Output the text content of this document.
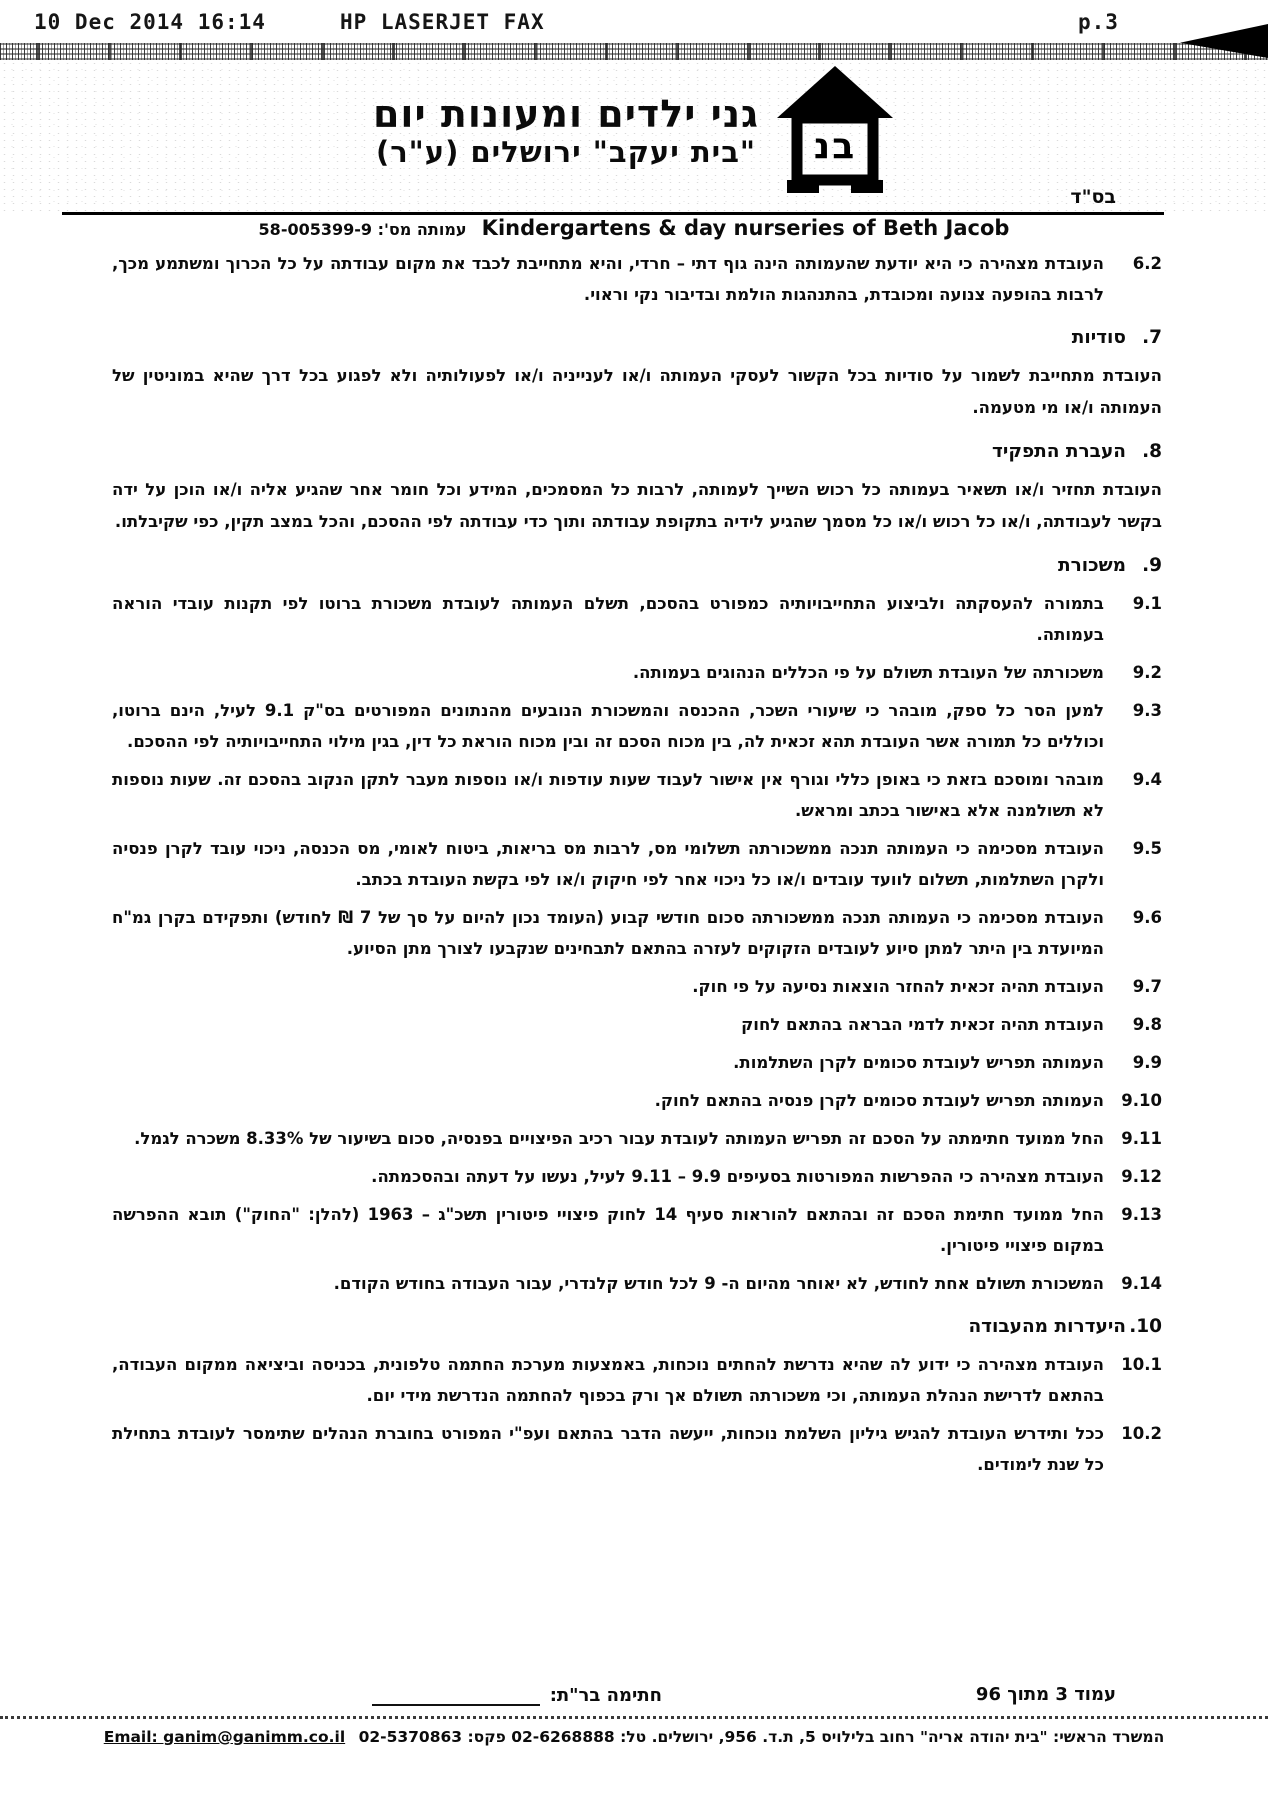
10 Dec 2014 16:14	HP LASERJET FAX	p.3
גני ילדים ומעונות יום
"בית יעקב" ירושלים (ע"ר)	בנ
בס"ד
Kindergartens & day nurseries of Beth Jacob עמותה מס': 58-005399-9
6.2
העובדת מצהירה כי היא יודעת שהעמותה הינה גוף דתי – חרדי, והיא מתחייבת לכבד את מקום עבודתה על כל הכרוך ומשתמע מכך, לרבות בהופעה צנועה ומכובדת, בהתנהגות הולמת ובדיבור נקי וראוי.
7.
סודיות
העובדת מתחייבת לשמור על סודיות בכל הקשור לעסקי העמותה ו/או לענייניה ו/או לפעולותיה ולא לפגוע בכל דרך שהיא במוניטין של העמותה ו/או מי מטעמה.
8.
העברת התפקיד
העובדת תחזיר ו/או תשאיר בעמותה כל רכוש השייך לעמותה, לרבות כל המסמכים, המידע וכל חומר אחר שהגיע אליה ו/או הוכן על ידה בקשר לעבודתה, ו/או כל רכוש ו/או כל מסמך שהגיע לידיה בתקופת עבודתה ותוך כדי עבודתה לפי ההסכם, והכל במצב תקין, כפי שקיבלתו.
9.
משכורת
9.1
בתמורה להעסקתה ולביצוע התחייבויותיה כמפורט בהסכם, תשלם העמותה לעובדת משכורת ברוטו לפי תקנות עובדי הוראה בעמותה.
9.2
משכורתה של העובדת תשולם על פי הכללים הנהוגים בעמותה.
9.3
למען הסר כל ספק, מובהר כי שיעורי השכר, ההכנסה והמשכורת הנובעים מהנתונים המפורטים בס"ק 9.1 לעיל, הינם ברוטו, וכוללים כל תמורה אשר העובדת תהא זכאית לה, בין מכוח הסכם זה ובין מכוח הוראת כל דין, בגין מילוי התחייבויותיה לפי ההסכם.
9.4
מובהר ומוסכם בזאת כי באופן כללי וגורף אין אישור לעבוד שעות עודפות ו/או נוספות מעבר לתקן הנקוב בהסכם זה. שעות נוספות לא תשולמנה אלא באישור בכתב ומראש.
9.5
העובדת מסכימה כי העמותה תנכה ממשכורתה תשלומי מס, לרבות מס בריאות, ביטוח לאומי, מס הכנסה, ניכוי עובד לקרן פנסיה ולקרן השתלמות, תשלום לוועד עובדים ו/או כל ניכוי אחר לפי חיקוק ו/או לפי בקשת העובדת בכתב.
9.6
העובדת מסכימה כי העמותה תנכה ממשכורתה סכום חודשי קבוע (העומד נכון להיום על סך של 7 ₪ לחודש) ותפקידם בקרן גמ"ח המיועדת בין היתר למתן סיוע לעובדים הזקוקים לעזרה בהתאם לתבחינים שנקבעו לצורך מתן הסיוע.
9.7
העובדת תהיה זכאית להחזר הוצאות נסיעה על פי חוק.
9.8
העובדת תהיה זכאית לדמי הבראה בהתאם לחוק
9.9
העמותה תפריש לעובדת סכומים לקרן השתלמות.
9.10
העמותה תפריש לעובדת סכומים לקרן פנסיה בהתאם לחוק.
9.11
החל ממועד חתימתה על הסכם זה תפריש העמותה לעובדת עבור רכיב הפיצויים בפנסיה, סכום בשיעור של 8.33% משכרה לגמל.
9.12
העובדת מצהירה כי ההפרשות המפורטות בסעיפים 9.9 – 9.11 לעיל, נעשו על דעתה ובהסכמתה.
9.13
החל ממועד חתימת הסכם זה ובהתאם להוראות סעיף 14 לחוק פיצויי פיטורין תשכ"ג – 1963 (להלן: "החוק") תובא ההפרשה במקום פיצויי פיטורין.
9.14
המשכורת תשולם אחת לחודש, לא יאוחר מהיום ה- 9 לכל חודש קלנדרי, עבור העבודה בחודש הקודם.
10.
היעדרות מהעבודה
10.1
העובדת מצהירה כי ידוע לה שהיא נדרשת להחתים נוכחות, באמצעות מערכת החתמה טלפונית, בכניסה וביציאה ממקום העבודה, בהתאם לדרישת הנהלת העמותה, וכי משכורתה תשולם אך ורק בכפוף להחתמה הנדרשת מידי יום.
10.2
ככל ותידרש העובדת להגיש גיליון השלמת נוכחות, ייעשה הדבר בהתאם ועפ"י המפורט בחוברת הנהלים שתימסר לעובדת בתחילת כל שנת לימודים.
עמוד 3 מתוך 96
חתימה בר"ת:
המשרד הראשי: "בית יהודה אריה" רחוב בלילויס 5, ת.ד. 956, ירושלים. טל: 02-6268888 פקס: 02-5370863 Email: ganim@ganimm.co.il
